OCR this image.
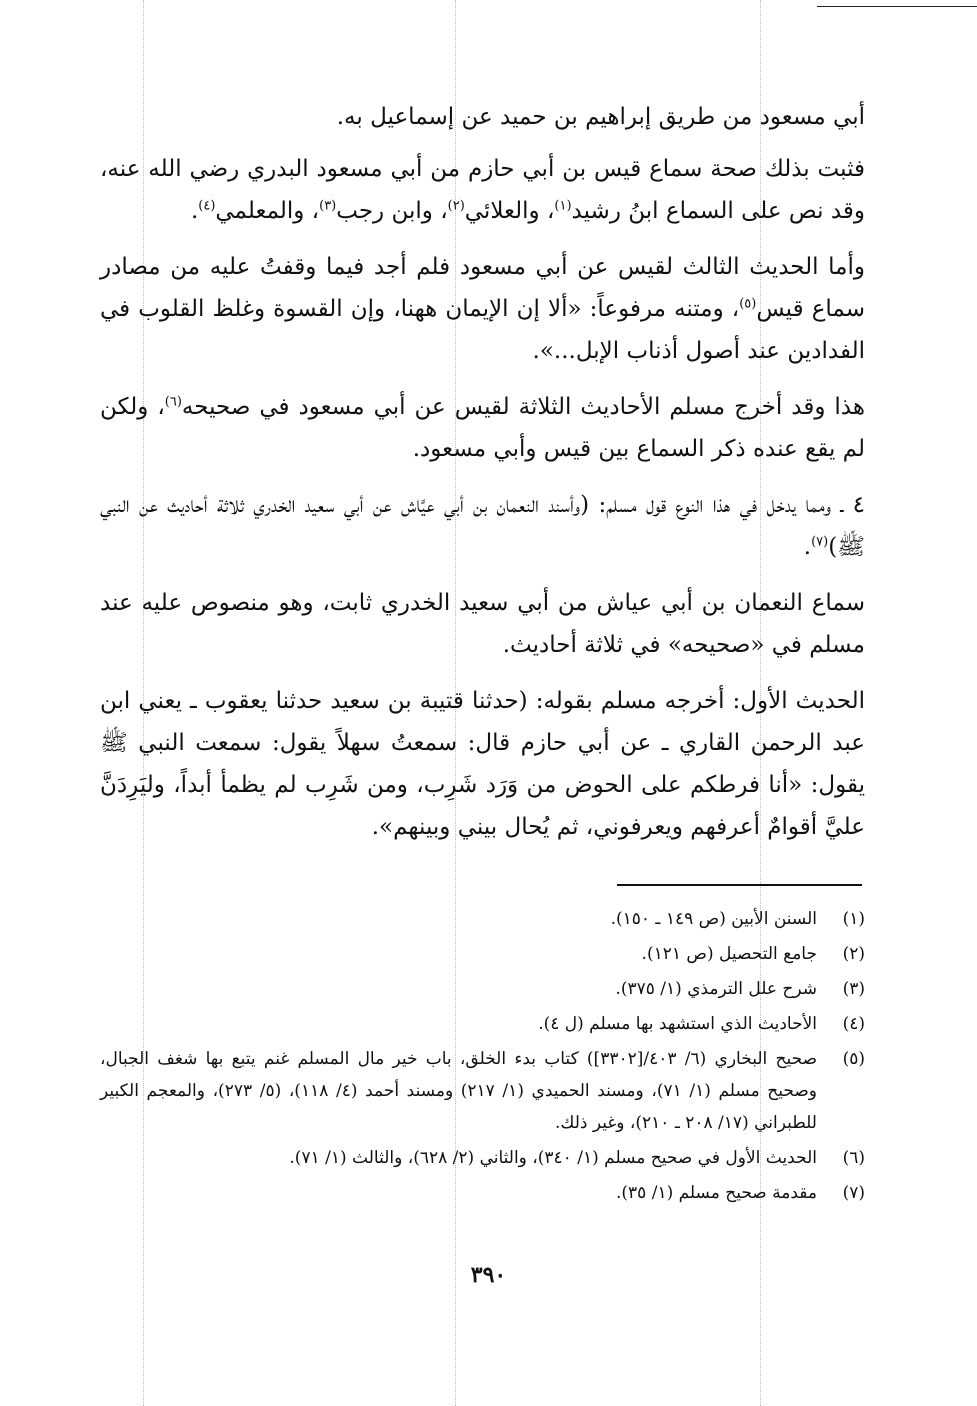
أبي مسعود من طريق إبراهيم بن حميد عن إسماعيل به.

فثبت بذلك صحة سماع قيس بن أبي حازم من أبي مسعود البدري رضي الله عنه، وقد نص على السماع ابنُ رشيد$^{(١)}$، والعلائي$^{(٢)}$، وابن رجب$^{(٣)}$، والمعلمي$^{(٤)}$.

وأما الحديث الثالث لقيس عن أبي مسعود فلم أجد فيما وقفتُ عليه من مصادر سماع قيس$^{(٥)}$، ومتنه مرفوعاً: «ألا إن الإيمان ههنا، وإن القسوة وغلظ القلوب في الفدادين عند أصول أذناب الإبل...».

هذا وقد أخرج مسلم الأحاديث الثلاثة لقيس عن أبي مسعود في صحيحه$^{(٦)}$، ولكن لم يقع عنده ذكر السماع بين قيس وأبي مسعود.

٤ ـ ومما يدخل في هذا النوع قول مسلم: (وأسند النعمان بن أبي عيَّاش عن أبي سعيد الخدري ثلاثة أحاديث عن النبي ﷺ)$^{(٧)}$.

سماع النعمان بن أبي عياش من أبي سعيد الخدري ثابت، وهو منصوص عليه عند مسلم في «صحيحه» في ثلاثة أحاديث.

الحديث الأول: أخرجه مسلم بقوله: (حدثنا قتيبة بن سعيد حدثنا يعقوب ـ يعني ابن عبد الرحمن القاري ـ عن أبي حازم قال: سمعتُ سهلاً يقول: سمعت النبي ﷺ يقول: «أنا فرطكم على الحوض من وَرَد شَرِب، ومن شَرِب لم يظمأ أبداً، وليَرِدَنَّ عليَّ أقوامٌ أعرفهم ويعرفوني، ثم يُحال بيني وبينهم».

(١)
السنن الأبين (ص ١٤٩ ـ ١٥٠).
(٢)
جامع التحصيل (ص ١٢١).
(٣)
شرح علل الترمذي (١/ ٣٧٥).
(٤)
الأحاديث الذي استشهد بها مسلم (ل ٤).
(٥)
صحيح البخاري (٦/ ٤٠٣/[٣٣٠٢]) كتاب بدء الخلق، باب خير مال المسلم غنم يتبع بها شغف الجبال، وصحيح مسلم (١/ ٧١)، ومسند الحميدي (١/ ٢١٧) ومسند أحمد (٤/ ١١٨)، (٥/ ٢٧٣)، والمعجم الكبير للطبراني (١٧/ ٢٠٨ ـ ٢١٠)، وغير ذلك.
(٦)
الحديث الأول في صحيح مسلم (١/ ٣٤٠)، والثاني (٢/ ٦٢٨)، والثالث (١/ ٧١).
(٧)
مقدمة صحيح مسلم (١/ ٣٥).
٣٩٠
